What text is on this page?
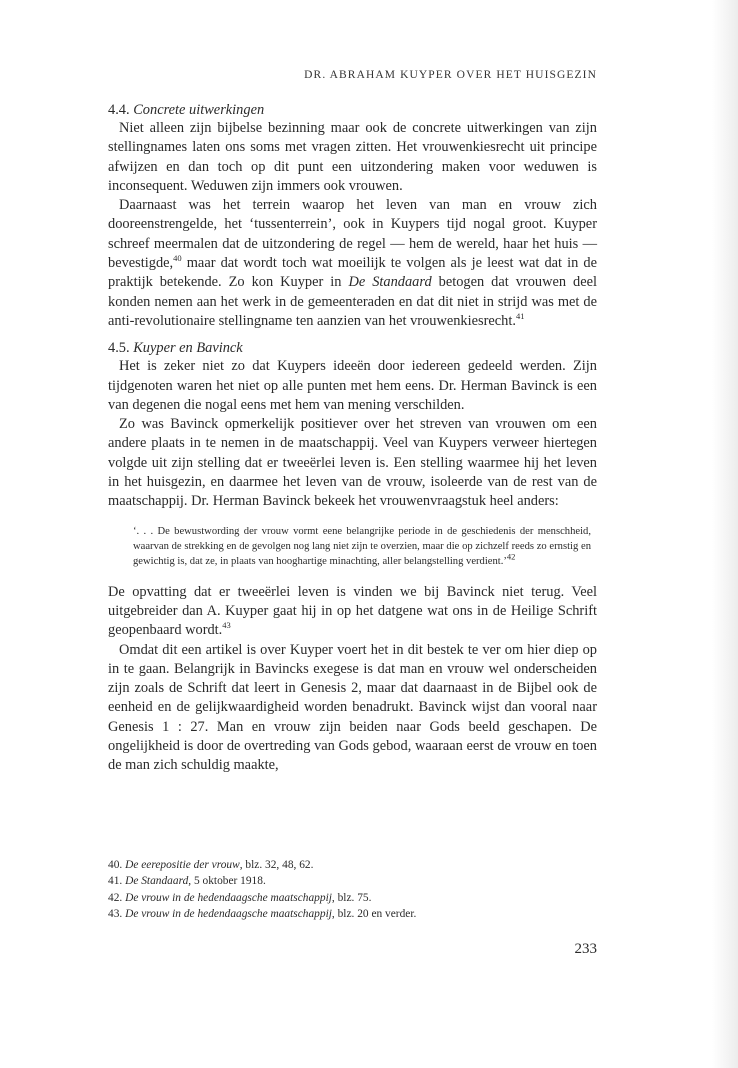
DR. ABRAHAM KUYPER OVER HET HUISGEZIN

4.4. Concrete uitwerkingen

Niet alleen zijn bijbelse bezinning maar ook de concrete uitwerkingen van zijn stellingnames laten ons soms met vragen zitten. Het vrouwenkiesrecht uit principe afwijzen en dan toch op dit punt een uitzondering maken voor weduwen is inconsequent. Weduwen zijn immers ook vrouwen.

Daarnaast was het terrein waarop het leven van man en vrouw zich dooreenstrengelde, het ‘tussenterrein’, ook in Kuypers tijd nogal groot. Kuyper schreef meermalen dat de uitzondering de regel — hem de wereld, haar het huis — bevestigde,$^{40}$ maar dat wordt toch wat moeilijk te volgen als je leest wat dat in de praktijk betekende. Zo kon Kuyper in De Standaard betogen dat vrouwen deel konden nemen aan het werk in de gemeenteraden en dat dit niet in strijd was met de anti-revolutionaire stellingname ten aanzien van het vrouwenkiesrecht.$^{41}$

4.5. Kuyper en Bavinck

Het is zeker niet zo dat Kuypers ideeën door iedereen gedeeld werden. Zijn tijdgenoten waren het niet op alle punten met hem eens. Dr. Herman Bavinck is een van degenen die nogal eens met hem van mening verschilden.

Zo was Bavinck opmerkelijk positiever over het streven van vrouwen om een andere plaats in te nemen in de maatschappij. Veel van Kuypers verweer hiertegen volgde uit zijn stelling dat er tweeërlei leven is. Een stelling waarmee hij het leven in het huisgezin, en daarmee het leven van de vrouw, isoleerde van de rest van de maatschappij. Dr. Herman Bavinck bekeek het vrouwenvraagstuk heel anders:

‘. . . De bewustwording der vrouw vormt eene belangrijke periode in de geschiedenis der menschheid, waarvan de strekking en de gevolgen nog lang niet zijn te overzien, maar die op zichzelf reeds zo ernstig en gewichtig is, dat ze, in plaats van hooghartige minachting, aller belangstelling verdient.’$^{42}$

De opvatting dat er tweeërlei leven is vinden we bij Bavinck niet terug. Veel uitgebreider dan A. Kuyper gaat hij in op het datgene wat ons in de Heilige Schrift geopenbaard wordt.$^{43}$

Omdat dit een artikel is over Kuyper voert het in dit bestek te ver om hier diep op in te gaan. Belangrijk in Bavincks exegese is dat man en vrouw wel onderscheiden zijn zoals de Schrift dat leert in Genesis 2, maar dat daarnaast in de Bijbel ook de eenheid en de gelijkwaardigheid worden benadrukt. Bavinck wijst dan vooral naar Genesis 1 : 27. Man en vrouw zijn beiden naar Gods beeld geschapen. De ongelijkheid is door de overtreding van Gods gebod, waaraan eerst de vrouw en toen de man zich schuldig maakte,

40. De eerepositie der vrouw, blz. 32, 48, 62.

41. De Standaard, 5 oktober 1918.

42. De vrouw in de hedendaagsche maatschappij, blz. 75.

43. De vrouw in de hedendaagsche maatschappij, blz. 20 en verder.

233
